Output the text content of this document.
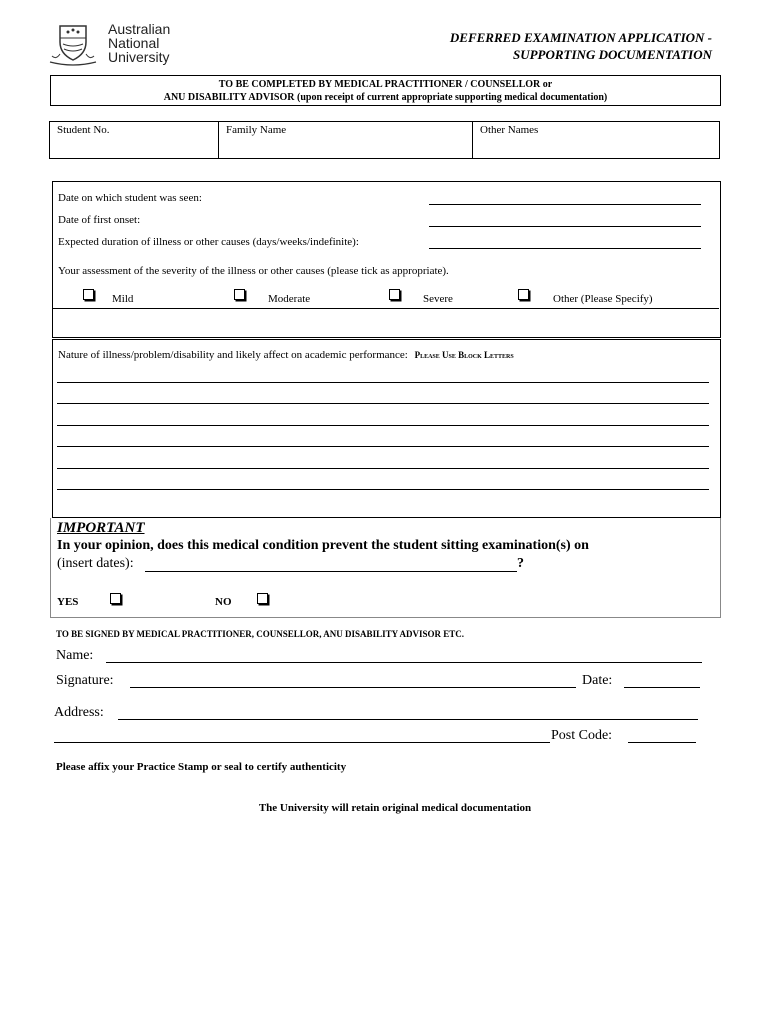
Australian
National
University
DEFERRED EXAMINATION APPLICATION -
SUPPORTING DOCUMENTATION
TO BE COMPLETED BY MEDICAL PRACTITIONER / COUNSELLOR or
ANU DISABILITY ADVISOR (upon receipt of current appropriate supporting medical documentation)
Student No.	Family Name	Other Names
Date on which student was seen:
Date of first onset:
Expected duration of illness or other causes (days/weeks/indefinite):
Your assessment of the severity of the illness or other causes (please tick as appropriate).
Mild	Moderate	Severe	Other (Please Specify)
Nature of illness/problem/disability and likely affect on academic performance: Please Use Block Letters
IMPORTANT
In your opinion, does this medical condition prevent the student sitting examination(s) on
(insert dates):	?
YES	NO
TO BE SIGNED BY MEDICAL PRACTITIONER, COUNSELLOR, ANU DISABILITY ADVISOR ETC.
Name:
Signature:	Date:
Address:
Post Code:
Please affix your Practice Stamp or seal to certify authenticity
The University will retain original medical documentation
